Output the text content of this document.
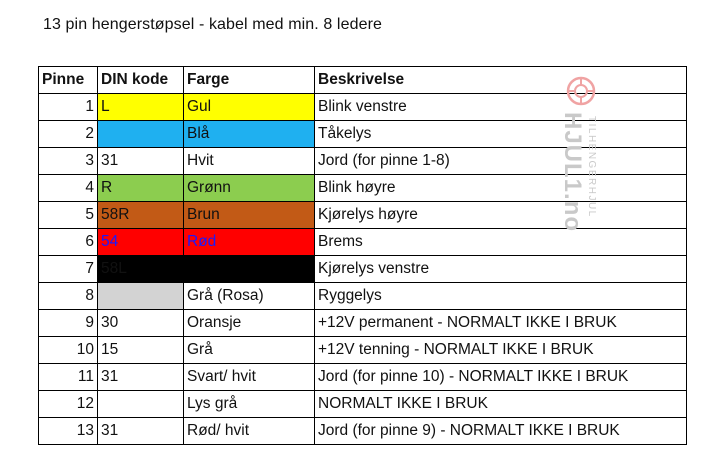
13 pin hengerstøpsel - kabel med min. 8 ledere
Pinne	DIN kode	Farge	Beskrivelse
1	L	Gul	Blink venstre
2		Blå	Tåkelys
3	31	Hvit	Jord (for pinne 1-8)
4	R	Grønn	Blink høyre
5	58R	Brun	Kjørelys høyre
6	54	Rød	Brems
7	58L		Kjørelys venstre
8		Grå (Rosa)	Ryggelys
9	30	Oransje	+12V permanent - NORMALT IKKE I BRUK
10	15	Grå	+12V tenning - NORMALT IKKE I BRUK
11	31	Svart/ hvit	Jord (for pinne 10) - NORMALT IKKE I BRUK
12		Lys grå	NORMALT IKKE I BRUK
13	31	Rød/ hvit	Jord (for pinne 9) - NORMALT IKKE I BRUK
HJUL1.no TILHENGERHJUL
